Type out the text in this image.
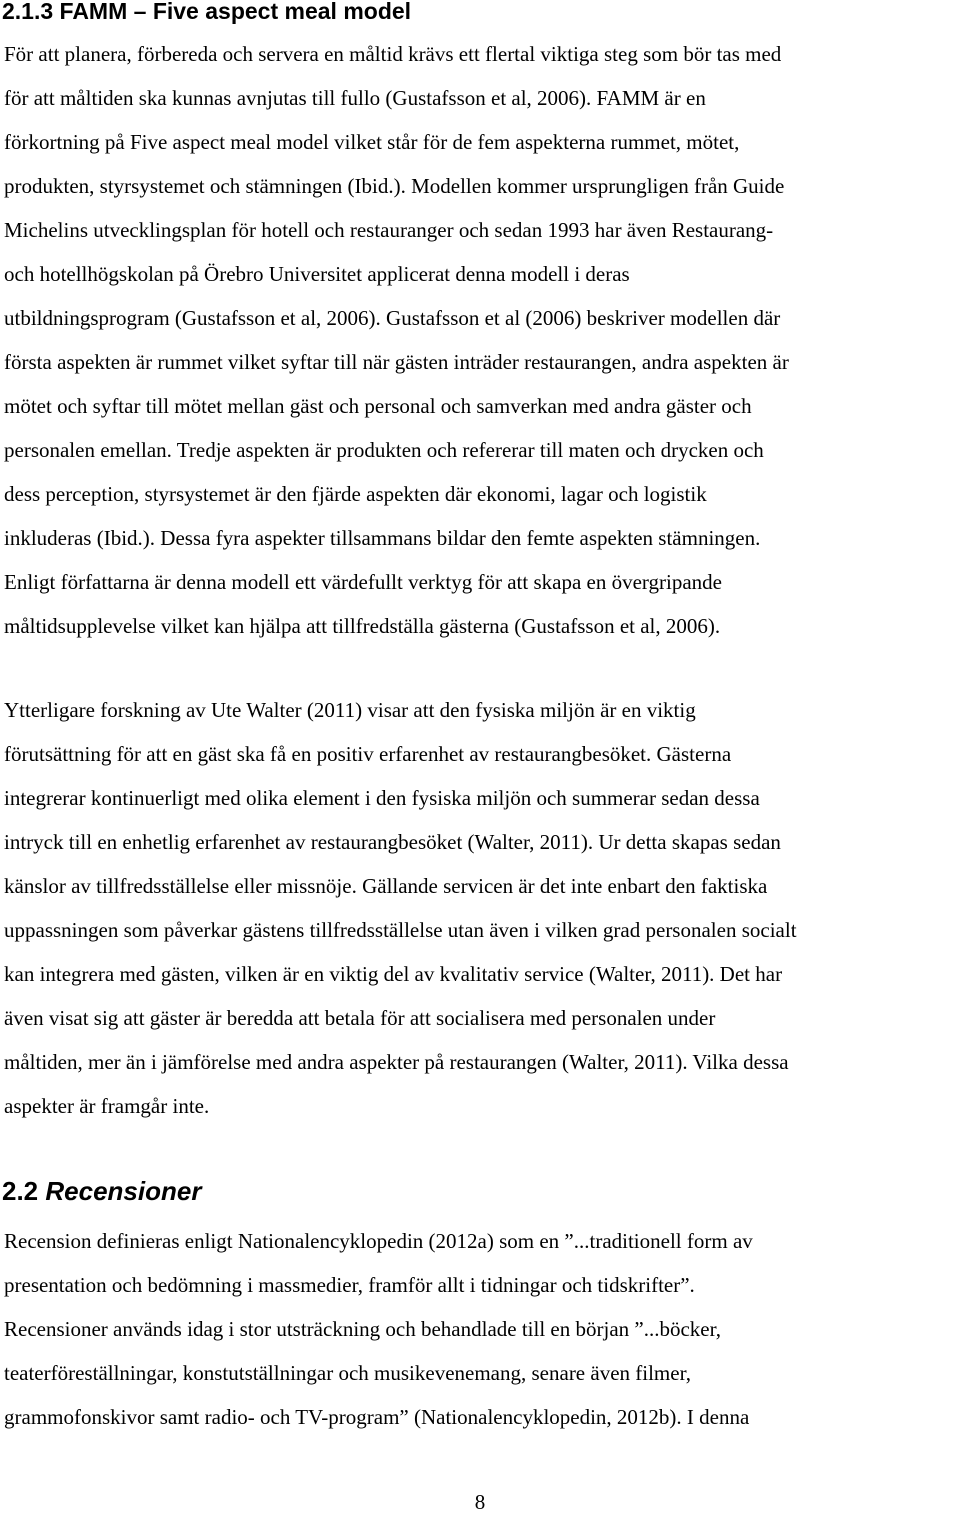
2.1.3 FAMM – Five aspect meal model

För att planera, förbereda och servera en måltid krävs ett flertal viktiga steg som bör tas med
för att måltiden ska kunnas avnjutas till fullo (Gustafsson et al, 2006). FAMM är en
förkortning på Five aspect meal model vilket står för de fem aspekterna rummet, mötet,
produkten, styrsystemet och stämningen (Ibid.). Modellen kommer ursprungligen från Guide
Michelins utvecklingsplan för hotell och restauranger och sedan 1993 har även Restaurang-
och hotellhögskolan på Örebro Universitet applicerat denna modell i deras
utbildningsprogram (Gustafsson et al, 2006). Gustafsson et al (2006) beskriver modellen där
första aspekten är rummet vilket syftar till när gästen inträder restaurangen, andra aspekten är
mötet och syftar till mötet mellan gäst och personal och samverkan med andra gäster och
personalen emellan. Tredje aspekten är produkten och refererar till maten och drycken och
dess perception, styrsystemet är den fjärde aspekten där ekonomi, lagar och logistik
inkluderas (Ibid.). Dessa fyra aspekter tillsammans bildar den femte aspekten stämningen.
Enligt författarna är denna modell ett värdefullt verktyg för att skapa en övergripande
måltidsupplevelse vilket kan hjälpa att tillfredställa gästerna (Gustafsson et al, 2006).

Ytterligare forskning av Ute Walter (2011) visar att den fysiska miljön är en viktig
förutsättning för att en gäst ska få en positiv erfarenhet av restaurangbesöket. Gästerna
integrerar kontinuerligt med olika element i den fysiska miljön och summerar sedan dessa
intryck till en enhetlig erfarenhet av restaurangbesöket (Walter, 2011). Ur detta skapas sedan
känslor av tillfredsställelse eller missnöje. Gällande servicen är det inte enbart den faktiska
uppassningen som påverkar gästens tillfredsställelse utan även i vilken grad personalen socialt
kan integrera med gästen, vilken är en viktig del av kvalitativ service (Walter, 2011). Det har
även visat sig att gäster är beredda att betala för att socialisera med personalen under
måltiden, mer än i jämförelse med andra aspekter på restaurangen (Walter, 2011). Vilka dessa
aspekter är framgår inte.

2.2 Recensioner

Recension definieras enligt Nationalencyklopedin (2012a) som en ”...traditionell form av
presentation och bedömning i massmedier, framför allt i tidningar och tidskrifter”.
Recensioner används idag i stor utsträckning och behandlade till en början ”...böcker,
teaterföreställningar, konstutställningar och musikevenemang, senare även filmer,
grammofonskivor samt radio- och TV-program” (Nationalencyklopedin, 2012b). I denna

8
